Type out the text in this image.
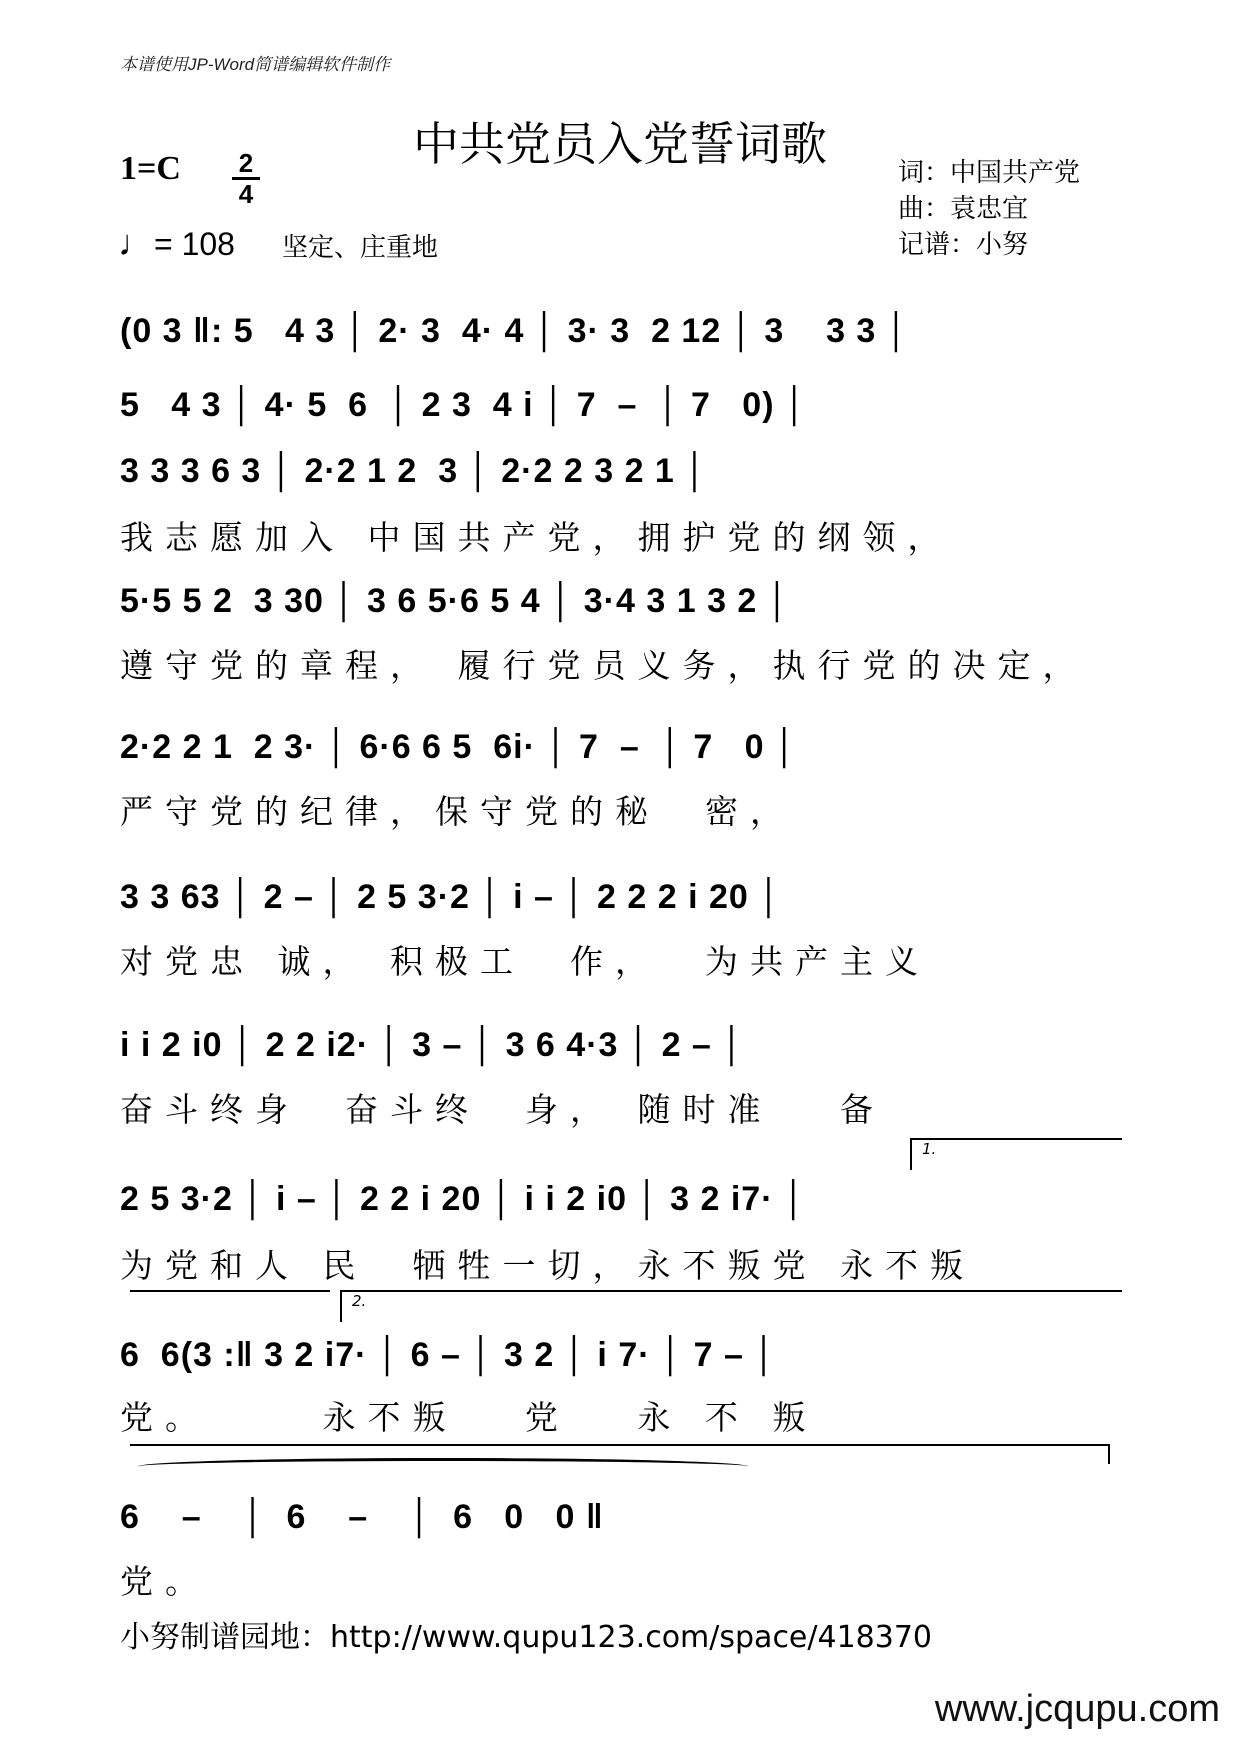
本谱使用JP-Word简谱编辑软件制作
中共党员入党誓词歌
1=C	2
4
♩= 108 坚定、庄重地
词：中国共产党
曲：袁忠宜
记谱：小努
(0 3 ‖: 5   4 3 │ 2· 3  4· 4 │ 3· 3  2 12 │ 3    3 3 │
5   4 3 │ 4· 5  6  │ 2 3  4 i │ 7  –  │ 7   0) │
3 3 3 6 3 │ 2·2 1 2  3 │ 2·2 2 3 2 1 │
我志愿加入 中国共产党，拥护党的纲领，
5·5 5 2  3 30 │ 3 6 5·6 5 4 │ 3·4 3 1 3 2 │
遵守党的章程， 履行党员义务，执行党的决定，
2·2 2 1  2 3· │ 6·6 6 5  6i· │ 7  –  │ 7   0 │
严守党的纪律，保守党的秘  密，
3 3 63 │ 2 – │ 2 5 3·2 │ i – │ 2 2 2 i 20 │
对党忠 诚， 积极工  作，  为共产主义
i i 2 i0 │ 2 2 i2· │ 3 – │ 3 6 4·3 │ 2 – │
奋斗终身  奋斗终  身， 随时准   备
1.
2 5 3·2 │ i – │ 2 2 i 20 │ i i 2 i0 │ 3 2 i7· │
为党和人 民  牺牲一切，永不叛党 永不叛
2.
6  6(3 :‖ 3 2 i7· │ 6 – │ 3 2 │ i 7· │ 7 – │
党。     永不叛   党   永 不 叛
6    –    │  6    –    │  6   0   0 ‖
党。
小努制谱园地：http://www.qupu123.com/space/418370
www.jcqupu.com
